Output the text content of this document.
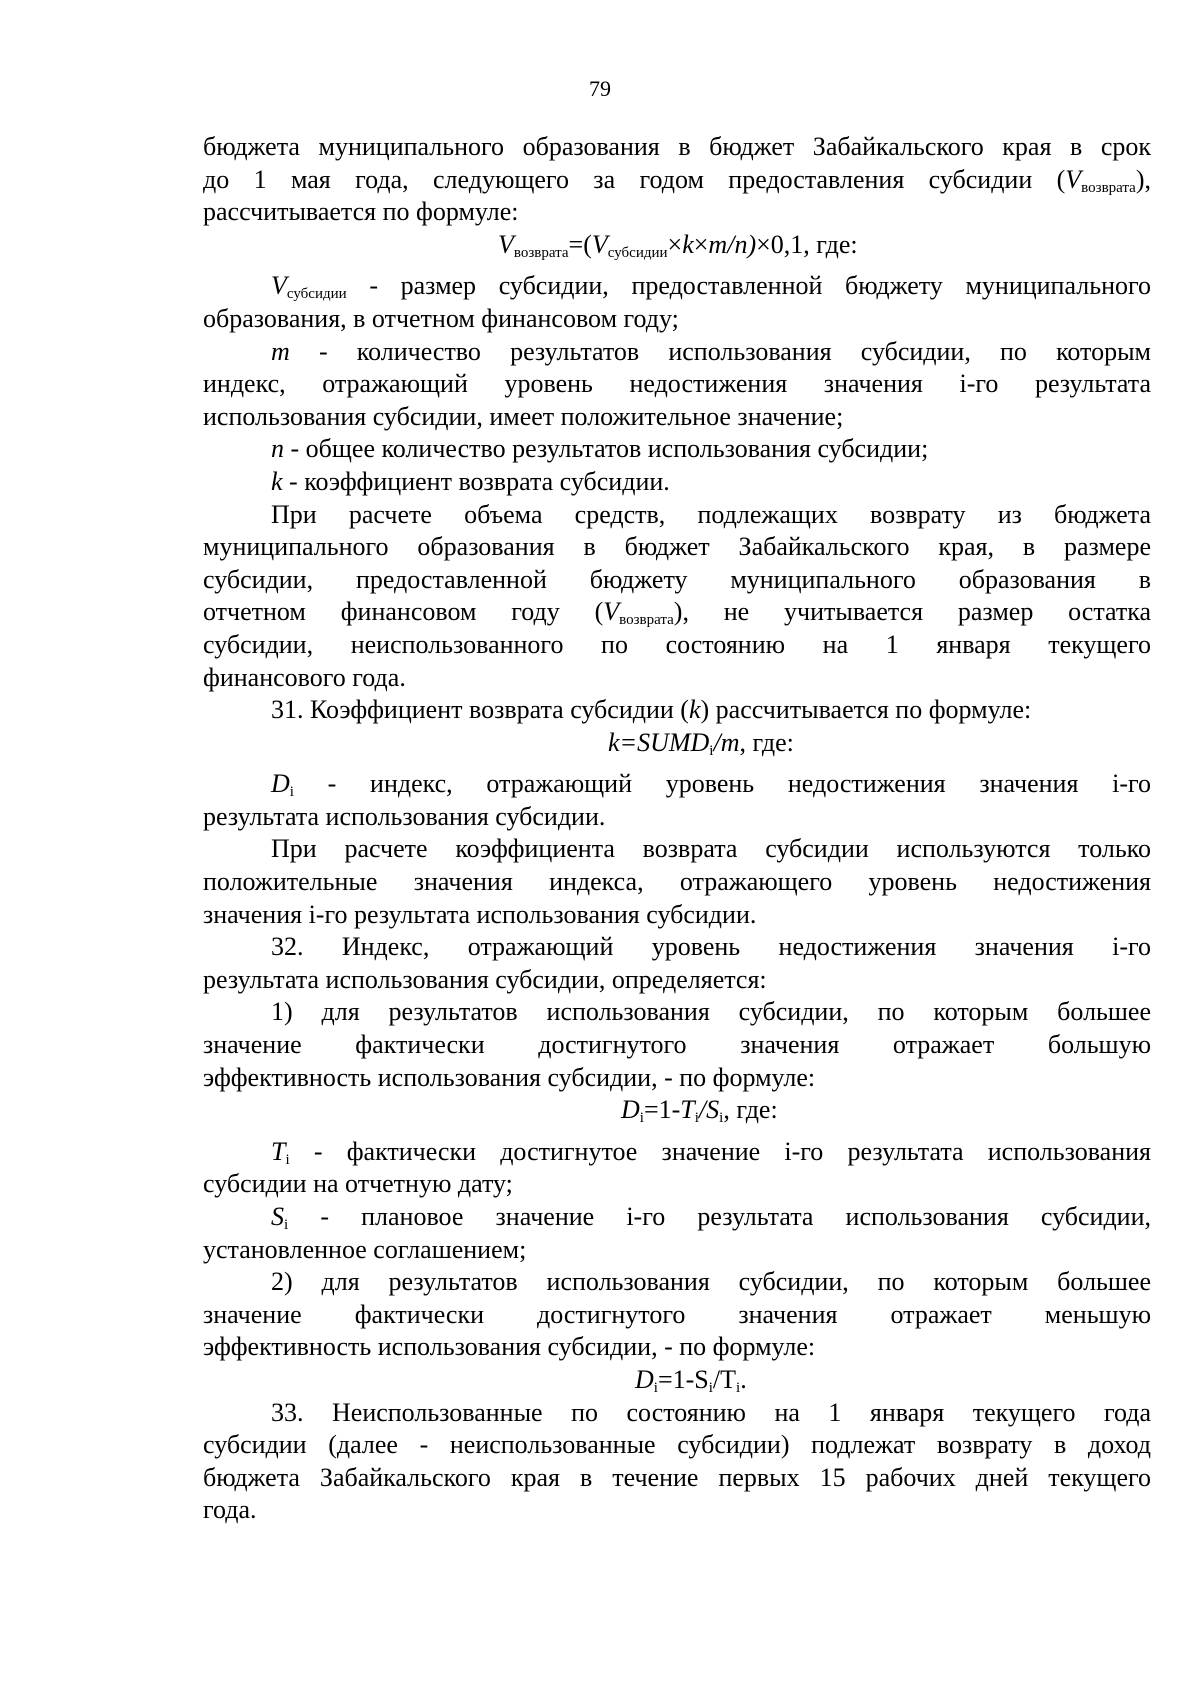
79
бюджета муниципального образования в бюджет Забайкальского края в срок
до 1 мая года, следующего за годом предоставления субсидии $(V_{возврата})$,
рассчитывается по формуле:
$V_{возврата}=(V_{субсидии}\times k\times m/n)\times 0,1$, где:
$V_{субсидии}$ - размер субсидии, предоставленной бюджету муниципального
образования, в отчетном финансовом году;
m - количество результатов использования субсидии, по которым
индекс, отражающий уровень недостижения значения i-го результата
использования субсидии, имеет положительное значение;
n - общее количество результатов использования субсидии;
k - коэффициент возврата субсидии.
При расчете объема средств, подлежащих возврату из бюджета
муниципального образования в бюджет Забайкальского края, в размере
субсидии, предоставленной бюджету муниципального образования в
отчетном финансовом году $(V_{возврата})$, не учитывается размер остатка
субсидии, неиспользованного по состоянию на 1 января текущего
финансового года.
31. Коэффициент возврата субсидии (k) рассчитывается по формуле:
$k=SUMD_i/m$, где:
$D_i$ - индекс, отражающий уровень недостижения значения i-го
результата использования субсидии.
При расчете коэффициента возврата субсидии используются только
положительные значения индекса, отражающего уровень недостижения
значения i-го результата использования субсидии.
32. Индекс, отражающий уровень недостижения значения i-го
результата использования субсидии, определяется:
1) для результатов использования субсидии, по которым большее
значение фактически достигнутого значения отражает большую
эффективность использования субсидии, - по формуле:
$D_i=1-T_i/S_i$, где:
$T_i$ - фактически достигнутое значение i-го результата использования
субсидии на отчетную дату;
$S_i$ - плановое значение i-го результата использования субсидии,
установленное соглашением;
2) для результатов использования субсидии, по которым большее
значение фактически достигнутого значения отражает меньшую
эффективность использования субсидии, - по формуле:
$D_i=1-S_i/T_i$.
33. Неиспользованные по состоянию на 1 января текущего года
субсидии (далее - неиспользованные субсидии) подлежат возврату в доход
бюджета Забайкальского края в течение первых 15 рабочих дней текущего
года.
